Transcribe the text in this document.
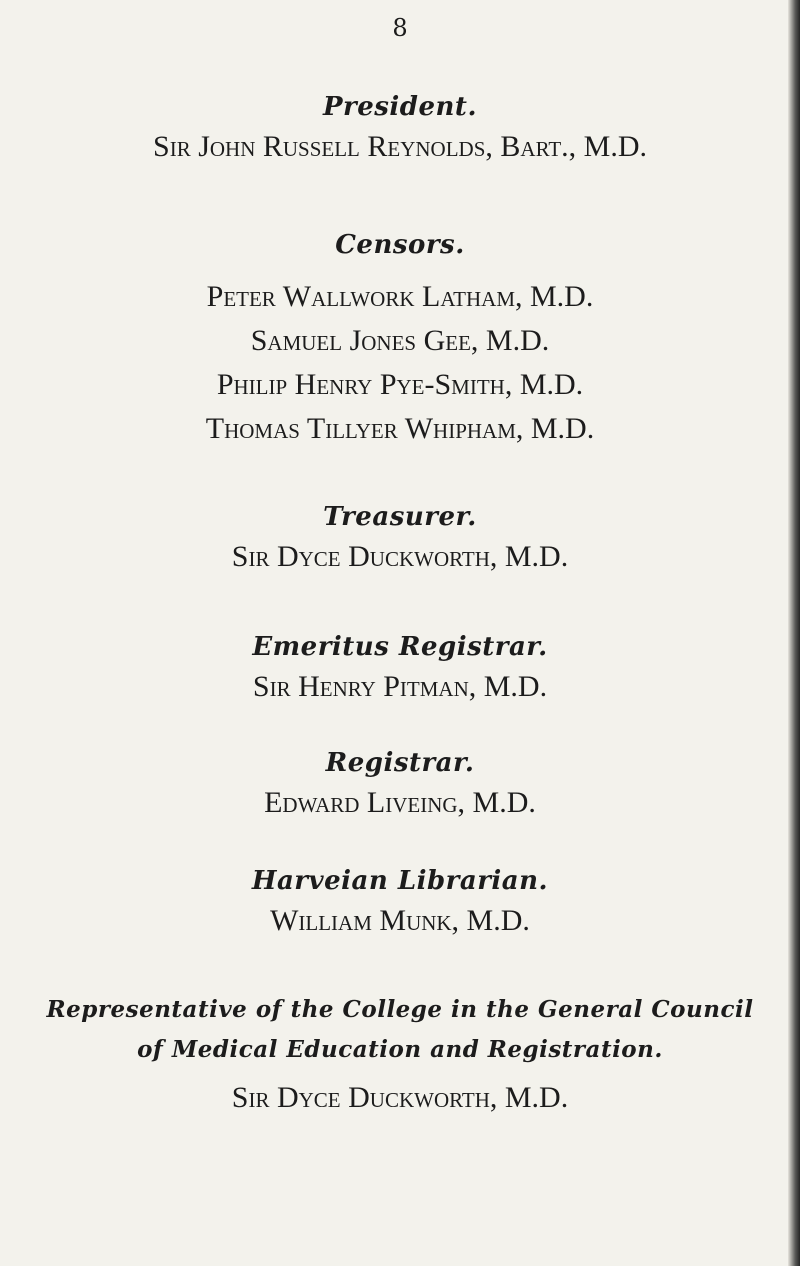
8
President.
Sir John Russell Reynolds, Bart., M.D.
Censors.
Peter Wallwork Latham, M.D.
Samuel Jones Gee, M.D.
Philip Henry Pye-Smith, M.D.
Thomas Tillyer Whipham, M.D.
Treasurer.
Sir Dyce Duckworth, M.D.
Emeritus Registrar.
Sir Henry Pitman, M.D.
Registrar.
Edward Liveing, M.D.
Harveian Librarian.
William Munk, M.D.
Representative of the College in the General Council
of Medical Education and Registration.
Sir Dyce Duckworth, M.D.
